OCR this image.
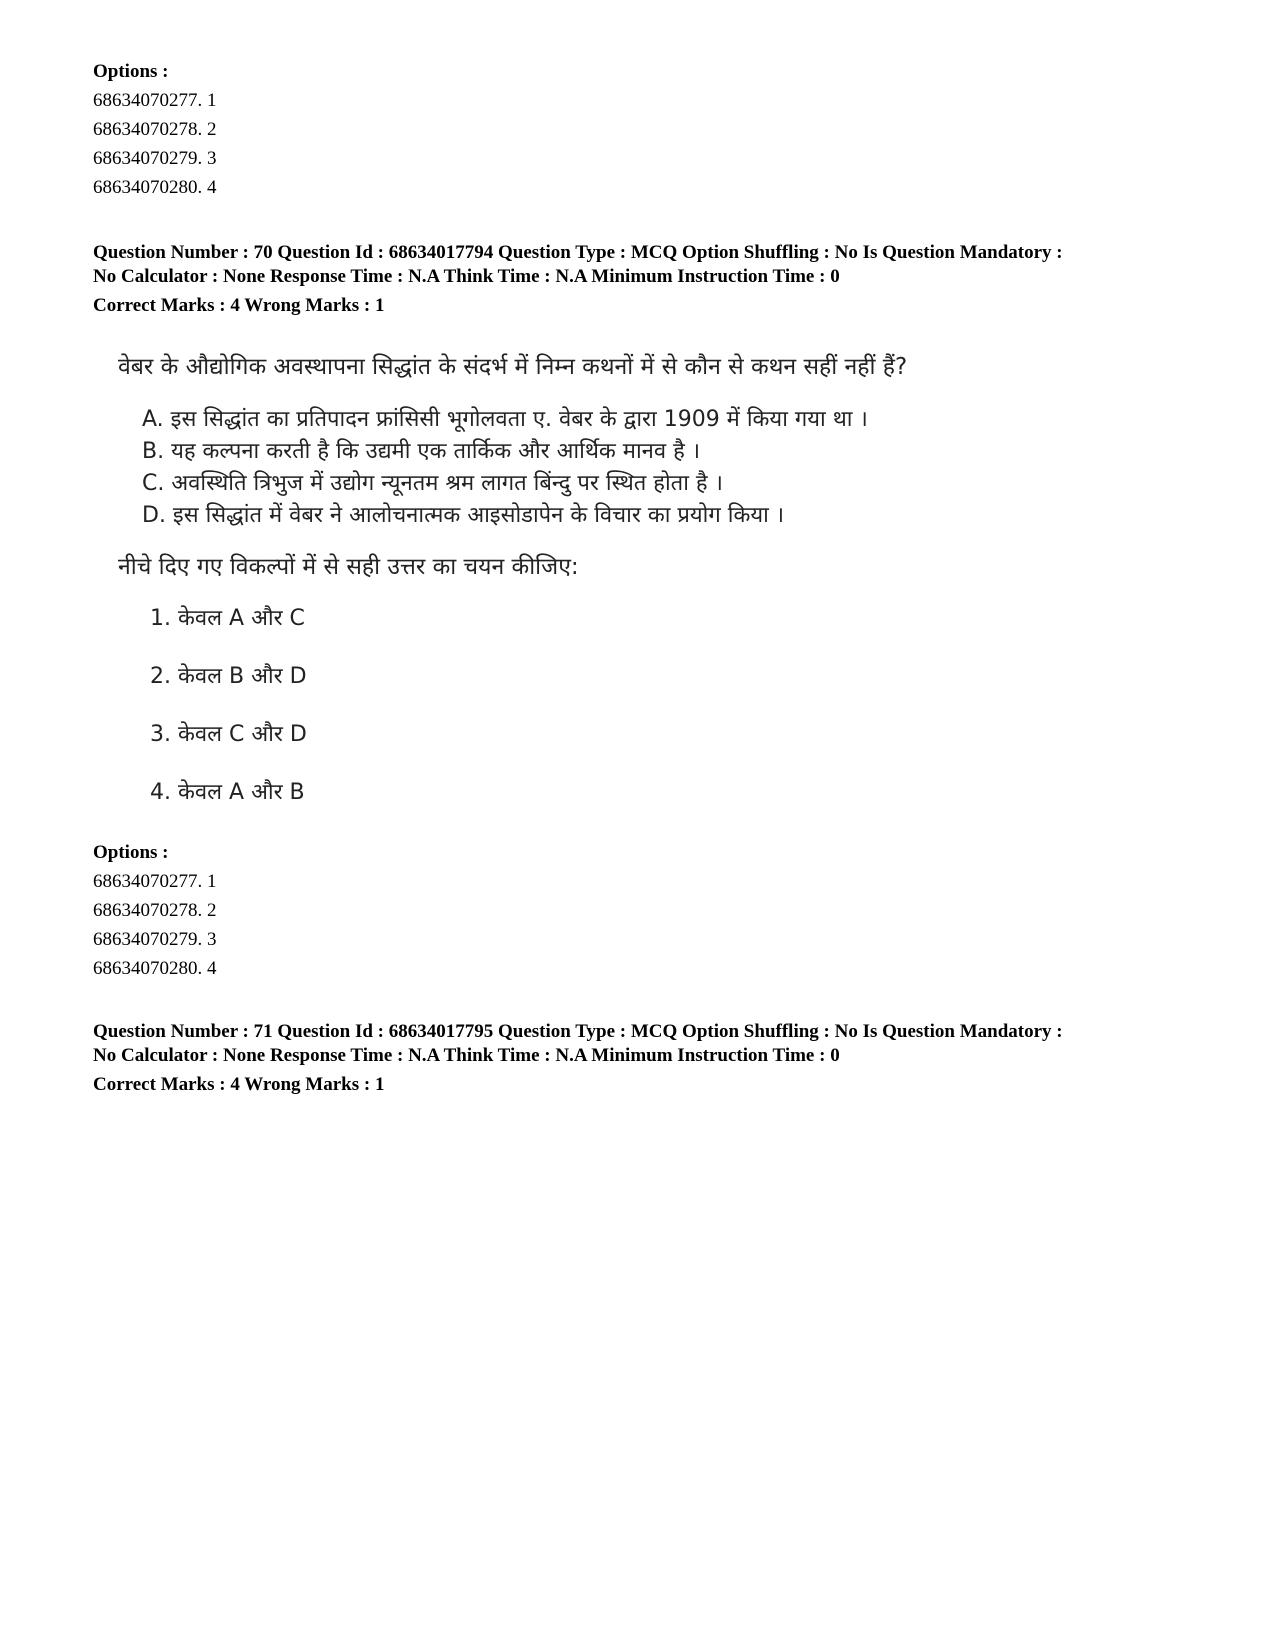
Options :
68634070277. 1
68634070278. 2
68634070279. 3
68634070280. 4
Question Number : 70 Question Id : 68634017794 Question Type : MCQ Option Shuffling : No Is Question Mandatory :
No Calculator : None Response Time : N.A Think Time : N.A Minimum Instruction Time : 0
Correct Marks : 4 Wrong Marks : 1
वेबर के औद्योगिक अवस्थापना सिद्धांत के संदर्भ में निम्न कथनों में से कौन से कथन सहीं नहीं हैं?
A. इस सिद्धांत का प्रतिपादन फ्रांसिसी भूगोलवता ए. वेबर के द्वारा 1909 में किया गया था ।
B. यह कल्पना करती है कि उद्यमी एक तार्किक और आर्थिक मानव है ।
C. अवस्थिति त्रिभुज में उद्योग न्यूनतम श्रम लागत बिंन्दु पर स्थित होता है ।
D. इस सिद्धांत में वेबर ने आलोचनात्मक आइसोडापेन के विचार का प्रयोग किया ।
नीचे दिए गए विकल्पों में से सही उत्तर का चयन कीजिए:
1. केवल A और C
2. केवल B और D
3. केवल C और D
4. केवल A और B
Options :
68634070277. 1
68634070278. 2
68634070279. 3
68634070280. 4
Question Number : 71 Question Id : 68634017795 Question Type : MCQ Option Shuffling : No Is Question Mandatory :
No Calculator : None Response Time : N.A Think Time : N.A Minimum Instruction Time : 0
Correct Marks : 4 Wrong Marks : 1
